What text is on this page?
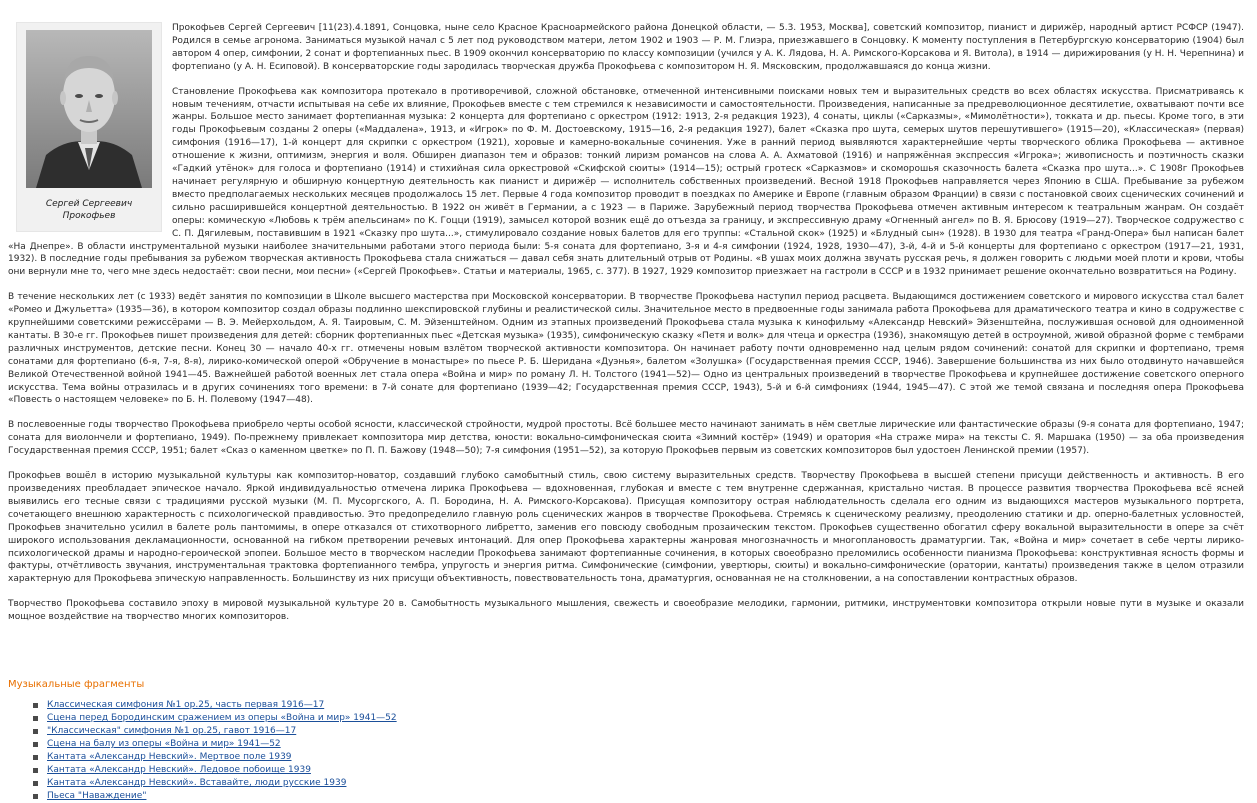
Сергей Сергеевич
Прокофьев

Прокофьев Сергей Сергеевич [11(23).4.1891, Сонцовка, ныне село Красное Красноармейского района Донецкой области, — 5.3. 1953, Москва], советский композитор, пианист и дирижёр, народный артист РСФСР (1947). Родился в семье агронома. Заниматься музыкой начал с 5 лет под руководством матери, летом 1902 и 1903 — Р. М. Глиэра, приезжавшего в Сонцовку. К моменту поступления в Петербургскую консерваторию (1904) был автором 4 опер, симфонии, 2 сонат и фортепианных пьес. В 1909 окончил консерваторию по классу композиции (учился у А. К. Лядова, Н. А. Римского-Корсакова и Я. Витола), в 1914 — дирижирования (у Н. Н. Черепнина) и фортепиано (у А. Н. Есиповой). В консерваторские годы зародилась творческая дружба Прокофьева с композитором Н. Я. Мясковским, продолжавшаяся до конца жизни.

Становление Прокофьева как композитора протекало в противоречивой, сложной обстановке, отмеченной интенсивными поисками новых тем и выразительных средств во всех областях искусства. Присматриваясь к новым течениям, отчасти испытывая на себе их влияние, Прокофьев вместе с тем стремился к независимости и самостоятельности. Произведения, написанные за предреволюционное десятилетие, охватывают почти все жанры. Большое место занимает фортепианная музыка: 2 концерта для фортепиано с оркестром (1912: 1913, 2-я редакция 1923), 4 сонаты, циклы («Сарказмы», «Мимолётности»), токката и др. пьесы. Кроме того, в эти годы Прокофьевым созданы 2 оперы («Маддалена», 1913, и «Игрок» по Ф. М. Достоевскому, 1915—16, 2-я редакция 1927), балет «Сказка про шута, семерых шутов перешутившего» (1915—20), «Классическая» (первая) симфония (1916—17), 1-й концерт для скрипки с оркестром (1921), хоровые и камерно-вокальные сочинения. Уже в ранний период выявляются характернейшие черты творческого облика Прокофьева — активное отношение к жизни, оптимизм, энергия и воля. Обширен диапазон тем и образов: тонкий лиризм романсов на слова А. А. Ахматовой (1916) и напряжённая экспрессия «Игрока»; живописность и поэтичность сказки «Гадкий утёнок» для голоса и фортепиано (1914) и стихийная сила оркестровой «Скифской сюиты» (1914—15); острый гротеск «Сарказмов» и скоморошья сказочность балета «Сказка про шута...». С 1908г Прокофьев начинает регулярную и обширную концертную деятельность как пианист и дирижёр — исполнитель собственных произведений. Весной 1918 Прокофьев направляется через Японию в США. Пребывание за рубежом вместо предполагаемых нескольких месяцев продолжалось 15 лет. Первые 4 года композитор проводит в поездках по Америке и Европе (главным образом Франции) в связи с постановкой своих сценических сочинений и сильно расширившейся концертной деятельностью. В 1922 он живёт в Германии, а с 1923 — в Париже. Зарубежный период творчества Прокофьева отмечен активным интересом к театральным жанрам. Он создаёт оперы: комическую «Любовь к трём апельсинам» по К. Гоцци (1919), замысел которой возник ещё до отъезда за границу, и экспрессивную драму «Огненный ангел» по В. Я. Брюсову (1919—27). Творческое содружество с С. П. Дягилевым, поставившим в 1921 «Сказку про шута...», стимулировало создание новых балетов для его труппы: «Стальной скок» (1925) и «Блудный сын» (1928). В 1930 для театра «Гранд-Опера» был написан балет «На Днепре». В области инструментальной музыки наиболее значительными работами этого периода были: 5-я соната для фортепиано, 3-я и 4-я симфонии (1924, 1928, 1930—47), 3-й, 4-й и 5-й концерты для фортепиано с оркестром (1917—21, 1931, 1932). В последние годы пребывания за рубежом творческая активность Прокофьева стала снижаться — давал себя знать длительный отрыв от Родины. «В ушах моих должна звучать русская речь, я должен говорить с людьми моей плоти и крови, чтобы они вернули мне то, чего мне здесь недостаёт: свои песни, мои песни» («Сергей Прокофьев». Статьи и материалы, 1965, с. 377). В 1927, 1929 композитор приезжает на гастроли в СССР и в 1932 принимает решение окончательно возвратиться на Родину.

В течение нескольких лет (с 1933) ведёт занятия по композиции в Школе высшего мастерства при Московской консерватории. В творчестве Прокофьева наступил период расцвета. Выдающимся достижением советского и мирового искусства стал балет «Ромео и Джульетта» (1935—36), в котором композитор создал образы подлинно шекспировской глубины и реалистической силы. Значительное место в предвоенные годы занимала работа Прокофьева для драматического театра и кино в содружестве с крупнейшими советскими режиссёрами — В. Э. Мейерхольдом, А. Я. Таировым, С. М. Эйзенштейном. Одним из этапных произведений Прокофьева стала музыка к кинофильму «Александр Невский» Эйзенштейна, послужившая основой для одноименной кантаты. В 30-е гг. Прокофьев пишет произведения для детей: сборник фортепианных пьес «Детская музыка» (1935), симфоническую сказку «Петя и волк» для чтеца и оркестра (1936), знакомящую детей в остроумной, живой образной форме с тембрами различных инструментов, детские песни. Конец 30 — начало 40-х гг. отмечены новым взлётом творческой активности композитора. Он начинает работу почти одновременно над целым рядом сочинений: сонатой для скрипки и фортепиано, тремя сонатами для фортепиано (6-я, 7-я, 8-я), лирико-комической оперой «Обручение в монастыре» по пьесе Р. Б. Шеридана «Дуэнья», балетом «Золушка» (Государственная премия СССР, 1946). Завершение большинства из них было отодвинуто начавшейся Великой Отечественной войной 1941—45. Важнейшей работой военных лет стала опера «Война и мир» по роману Л. Н. Толстого (1941—52)— Одно из центральных произведений в творчестве Прокофьева и крупнейшее достижение советского оперного искусства. Тема войны отразилась и в других сочинениях того времени: в 7-й сонате для фортепиано (1939—42; Государственная премия СССР, 1943), 5-й и 6-й симфониях (1944, 1945—47). С этой же темой связана и последняя опера Прокофьева «Повесть о настоящем человеке» по Б. Н. Полевому (1947—48).

В послевоенные годы творчество Прокофьева приобрело черты особой ясности, классической стройности, мудрой простоты. Всё большее место начинают занимать в нём светлые лирические или фантастические образы (9-я соната для фортепиано, 1947; соната для виолончели и фортепиано, 1949). По-прежнему привлекает композитора мир детства, юности: вокально-симфоническая сюита «Зимний костёр» (1949) и оратория «На страже мира» на тексты С. Я. Маршака (1950) — за оба произведения Государственная премия СССР, 1951; балет «Сказ о каменном цветке» по П. П. Бажову (1948—50); 7-я симфония (1951—52), за которую Прокофьев первым из советских композиторов был удостоен Ленинской премии (1957).

Прокофьев вошёл в историю музыкальной культуры как композитор-новатор, создавший глубоко самобытный стиль, свою систему выразительных средств. Творчеству Прокофьева в высшей степени присущи действенность и активность. В его произведениях преобладает эпическое начало. Яркой индивидуальностью отмечена лирика Прокофьева — вдохновенная, глубокая и вместе с тем внутренне сдержанная, кристально чистая. В процессе развития творчества Прокофьева всё ясней выявились его тесные связи с традициями русской музыки (М. П. Мусоргского, А. П. Бородина, Н. А. Римского-Корсакова). Присущая композитору острая наблюдательность сделала его одним из выдающихся мастеров музыкального портрета, сочетающего внешнюю характерность с психологической правдивостью. Это предопределило главную роль сценических жанров в творчестве Прокофьева. Стремясь к сценическому реализму, преодолению статики и др. оперно-балетных условностей, Прокофьев значительно усилил в балете роль пантомимы, в опере отказался от стихотворного либретто, заменив его повсюду свободным прозаическим текстом. Прокофьев существенно обогатил сферу вокальной выразительности в опере за счёт широкого использования декламационности, основанной на гибком претворении речевых интонаций. Для опер Прокофьева характерны жанровая многозначность и многоплановость драматургии. Так, «Война и мир» сочетает в себе черты лирико-психологической драмы и народно-героической эпопеи. Большое место в творческом наследии Прокофьева занимают фортепианные сочинения, в которых своеобразно преломились особенности пианизма Прокофьева: конструктивная ясность формы и фактуры, отчётливость звучания, инструментальная трактовка фортепианного тембра, упругость и энергия ритма. Симфонические (симфонии, увертюры, сюиты) и вокально-симфонические (оратории, кантаты) произведения также в целом отразили характерную для Прокофьева эпическую направленность. Большинству из них присущи объективность, повествовательность тона, драматургия, основанная не на столкновении, а на сопоставлении контрастных образов.

Творчество Прокофьева составило эпоху в мировой музыкальной культуре 20 в. Самобытность музыкального мышления, свежесть и своеобразие мелодики, гармонии, ритмики, инструментовки композитора открыли новые пути в музыке и оказали мощное воздействие на творчество многих композиторов.

Музыкальные фрагменты
Классическая симфония №1 ор.25, часть первая 1916—17
Сцена перед Бородинским сражением из оперы «Война и мир» 1941—52
"Классическая" симфония №1 ор.25, гавот 1916—17
Сцена на балу из оперы «Война и мир» 1941—52
Кантата «Александр Невский». Мертвое поле 1939
Кантата «Александр Невский». Ледовое побоище 1939
Кантата «Александр Невский». Вставайте, люди русские 1939
Пьеса "Наваждение"
